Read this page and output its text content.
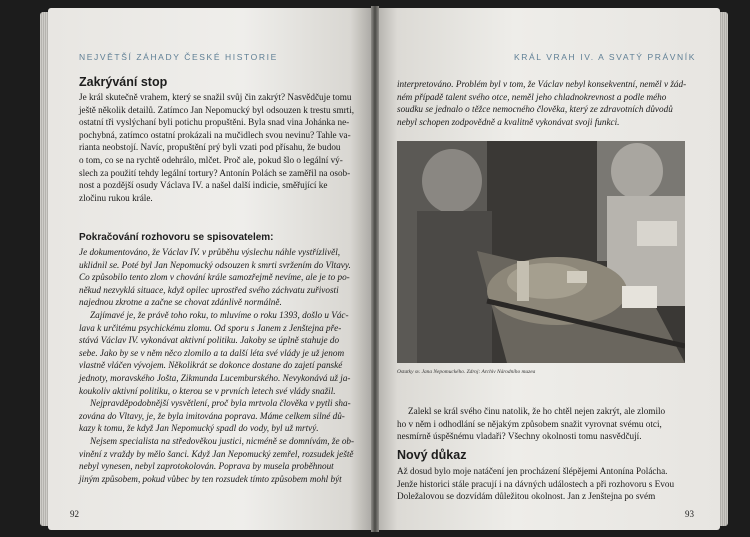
NEJVĚTŠÍ ZÁHADY ČESKÉ HISTORIE
Zakrývání stop
Je král skutečně vrahem, který se snažil svůj čin zakrýt? Nasvědčuje tomu
ještě několik detailů. Zatímco Jan Nepomucký byl odsouzen k trestu smrti,
ostatní tři vyslýchaní byli potichu propuštěni. Byla snad vina Johánka ne-
pochybná, zatímco ostatní prokázali na mučidlech svou nevinu? Tahle va-
rianta neobstojí. Navíc, propuštění prý byli vzati pod přísahu, že budou
o tom, co se na rychtě odehrálo, mlčet. Proč ale, pokud šlo o legální vý-
slech za použití tehdy legální tortury? Antonín Polách se zaměřil na osob-
nost a pozdější osudy Václava IV. a našel další indicie, směřující ke
zločinu rukou krále.
Pokračování rozhovoru se spisovatelem:
Je dokumentováno, že Václav IV. v průběhu výslechu náhle vystřízlivěl,
uklidnil se. Poté byl Jan Nepomucký odsouzen k smrti svržením do Vltavy.
Co způsobilo tento zlom v chování krále samozřejmě nevíme, ale je to po-
někud nezvyklá situace, když opilec uprostřed svého záchvatu zuřivosti
najednou zkrotne a začne se chovat zdánlivě normálně.
Zajímavé je, že právě toho roku, to mluvíme o roku 1393, došlo u Vác-
lava k určitému psychickému zlomu. Od sporu s Janem z Jenštejna pře-
stává Václav IV. vykonávat aktivní politiku. Jakoby se úplně stahuje do
sebe. Jako by se v něm něco zlomilo a ta další léta své vlády je už jenom
vlastně vláčen vývojem. Několikrát se dokonce dostane do zajetí panské
jednoty, moravského Jošta, Zikmunda Lucemburského. Nevykonává už ja-
koukoliv aktivní politiku, o kterou se v prvních letech své vlády snažil.
Nejpravděpodobnější vysvětlení, proč byla mrtvola člověka v pytli sha-
zována do Vltavy, je, že byla imitována popravа. Máme celkem silné dů-
kazy k tomu, že když Jan Nepomucký spadl do vody, byl už mrtvý.
Nejsem specialista na středověkou justici, nicméně se domnívám, že ob-
vinění z vraždy by mělo šanci. Když Jan Nepomucký zemřel, rozsudek ještě
nebyl vynesen, nebyl zaprotokolován. Poprava by musela proběhnout
jiným způsobem, pokud vůbec by ten rozsudek tímto způsobem mohl být
92
KRÁL VRAH IV. A SVATÝ PRÁVNÍK
interpretováno. Problém byl v tom, že Václav nebyl konsekventní, neměl v žád-
ném případě talent svého otce, neměl jeho chladnokrevnost a podle mého
soudku se jednalo o těžce nemocného člověka, který ze zdravotních důvodů
nebyl schopen zodpovědně a kvalitně vykonávat svoji funkci.
Ostatky sv. Jana Nepomuckého. Zdroj: Archiv Národního muzea
Zalekl se král svého činu natolik, že ho chtěl nejen zakrýt, ale zlomilo
ho v něm i odhodlání se nějakým způsobem snažit vyrovnat svému otci,
nesmírně úspěšnému vladaři? Všechny okolnosti tomu nasvědčují.
Nový důkaz
Až dosud bylo moje natáčení jen procházení šlépějemi Antonína Polácha.
Jenže historici stále pracují i na dávných událostech a při rozhovoru s Evou
Doležalovou se dozvídám důležitou okolnost. Jan z Jenštejna po svém
93
